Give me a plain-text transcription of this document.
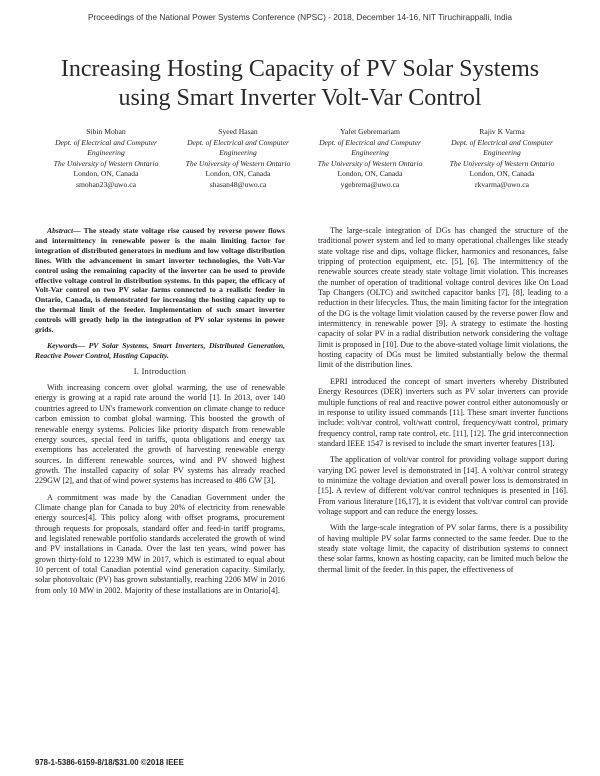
Proceedings of the National Power Systems Conference (NPSC) - 2018, December 14-16, NIT Tiruchirappalli, India
Increasing Hosting Capacity of PV Solar Systems using Smart Inverter Volt-Var Control
Sibin Mohan
Dept. of Electrical and Computer Engineering
The University of Western Ontario
London, ON, Canada
smohan23@uwo.ca
Syeed Hasan
Dept. of Electrical and Computer Engineering
The University of Western Ontario
London, ON, Canada
shasan48@uwo.ca
Yafet Gebremariam
Dept. of Electrical and Computer Engineering
The University of Western Ontario
London, ON, Canada
ygebrema@uwo.ca
Rajiv K Varma
Dept. of Electrical and Computer Engineering
The University of Western Ontario
London, ON, Canada
rkvarma@uwo.ca

Abstract— The steady state voltage rise caused by reverse power flows and intermittency in renewable power is the main limiting factor for integration of distributed generators in medium and low voltage distribution lines. With the advancement in smart inverter technologies, the Volt-Var control using the remaining capacity of the inverter can be used to provide effective voltage control in distribution systems. In this paper, the efficacy of Volt-Var control on two PV solar farms connected to a realistic feeder in Ontario, Canada, is demonstrated for increasing the hosting capacity up to the thermal limit of the feeder. Implementation of such smart inverter controls will greatly help in the integration of PV solar systems in power grids.

Keywords— PV Solar Systems, Smart Inverters, Distributed Generation, Reactive Power Control, Hosting Capacity.

I. Introduction

With increasing concern over global warming, the use of renewable energy is growing at a rapid rate around the world [1]. In 2013, over 140 countries agreed to UN's framework convention on climate change to reduce carbon emission to combat global warming. This boosted the growth of renewable energy systems. Policies like priority dispatch from renewable energy sources, special feed in tariffs, quota obligations and energy tax exemptions has accelerated the growth of harvesting renewable energy sources. In different renewable sources, wind and PV showed highest growth. The installed capacity of solar PV systems has already reached 229GW [2], and that of wind power systems has increased to 486 GW [3].

A commitment was made by the Canadian Government under the Climate change plan for Canada to buy 20% of electricity from renewable energy sources[4]. This policy along with offset programs, procurement through requests for proposals, standard offer and feed-in tariff programs, and legislated renewable portfolio standards accelerated the growth of wind and PV installations in Canada. Over the last ten years, wind power has grown thirty-fold to 12239 MW in 2017, which is estimated to equal about 10 percent of total Canadian potential wind generation capacity. Similarly, solar photovoltaic (PV) has grown substantially, reaching 2206 MW in 2016 from only 10 MW in 2002. Majority of these installations are in Ontario[4].

The large-scale integration of DGs has changed the structure of the traditional power system and led to many operational challenges like steady state voltage rise and dips, voltage flicker, harmonics and resonances, false tripping of protection equipment, etc. [5], [6]. The intermittency of the renewable sources create steady state voltage limit violation. This increases the number of operation of traditional voltage control devices like On Load Tap Changers (OLTC) and switched capacitor banks [7], [8], leading to a reduction in their lifecycles. Thus, the main limiting factor for the integration of the DG is the voltage limit violation caused by the reverse power flow and intermittency in renewable power [9]. A strategy to estimate the hosting capacity of solar PV in a radial distribution network considering the voltage limit is proposed in [10]. Due to the above-stated voltage limit violations, the hosting capacity of DGs must be limited substantially below the thermal limit of the distribution lines.

EPRI introduced the concept of smart inverters whereby Distributed Energy Resources (DER) inverters such as PV solar inverters can provide multiple functions of real and reactive power control either autonomously or in response to utility issued commands [11]. These smart inverter functions include: volt/var control, volt/watt control, frequency/watt control, primary frequency control, ramp rate control, etc. [11], [12]. The grid interconnection standard IEEE 1547 is revised to include the smart inverter features [13].

The application of volt/var control for providing voltage support during varying DG power level is demonstrated in [14]. A volt/var control strategy to minimize the voltage deviation and overall power loss is demonstrated in [15]. A review of different volt/var control techniques is presented in [16]. From various literature [16,17], it is evident that volt/var control can provide voltage support and can reduce the energy losses.

With the large-scale integration of PV solar farms, there is a possibility of having multiple PV solar farms connected to the same feeder. Due to the steady state voltage limit, the capacity of distribution systems to connect these solar farms, known as hosting capacity, can be limited much below the thermal limit of the feeder. In this paper, the effectiveness of

978-1-5386-6159-8/18/$31.00 ©2018 IEEE
